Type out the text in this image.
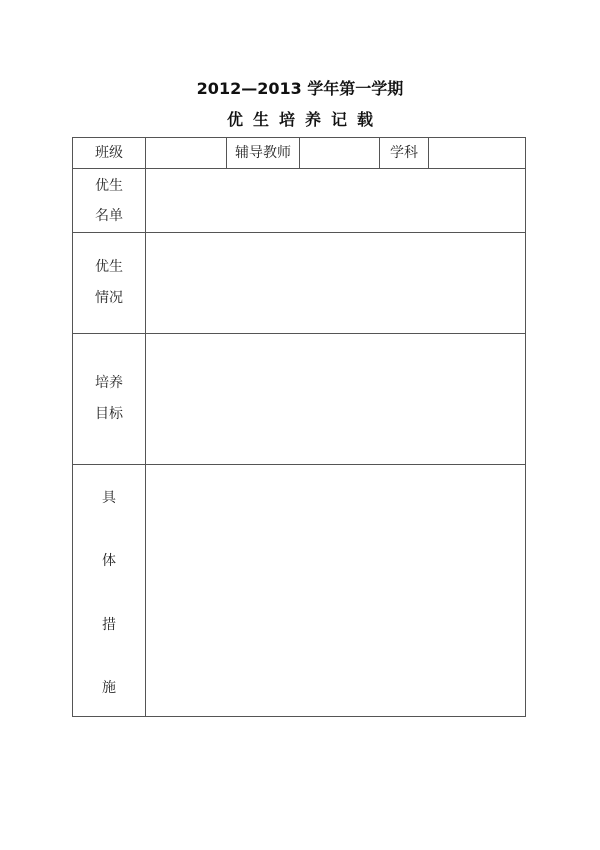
2012—2013 学年第一学期
优生培养记载
班级	辅导教师	学科
优生
名单
优生
情况
培养
目标
具
体
措
施
